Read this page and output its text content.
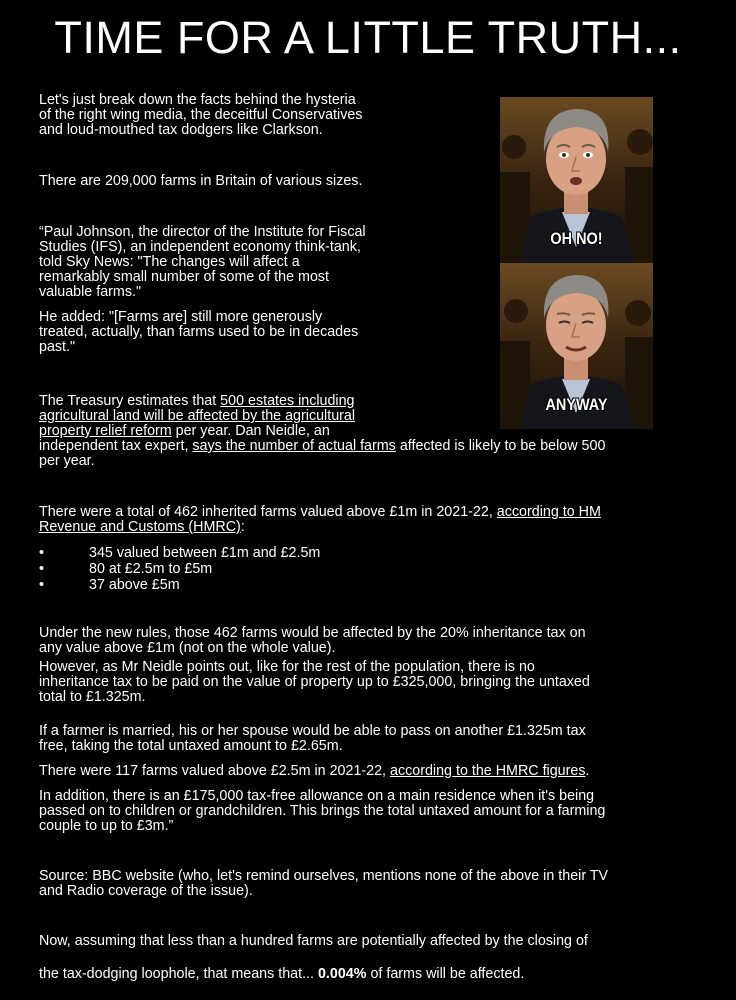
TIME FOR A LITTLE TRUTH...

Let's just break down the facts behind the hysteria
of the right wing media, the deceitful Conservatives
and loud-mouthed tax dodgers like Clarkson.

There are 209,000 farms in Britain of various sizes.

“Paul Johnson, the director of the Institute for Fiscal
Studies (IFS), an independent economy think-tank,
told Sky News: "The changes will affect a
remarkably small number of some of the most
valuable farms."

He added: "[Farms are] still more generously
treated, actually, than farms used to be in decades
past."

The Treasury estimates that 500 estates including
agricultural land will be affected by the agricultural
property relief reform per year. Dan Neidle, an
independent tax expert, says the number of actual farms affected is likely to be below 500
per year.

There were a total of 462 inherited farms valued above £1m in 2021-22, according to HM
Revenue and Customs (HMRC):

•	345 valued between £1m and £2.5m
•	80 at £2.5m to £5m
•	37 above £5m

Under the new rules, those 462 farms would be affected by the 20% inheritance tax on
any value above £1m (not on the whole value).

However, as Mr Neidle points out, like for the rest of the population, there is no
inheritance tax to be paid on the value of property up to £325,000, bringing the untaxed
total to £1.325m.

If a farmer is married, his or her spouse would be able to pass on another £1.325m tax
free, taking the total untaxed amount to £2.65m.

There were 117 farms valued above £2.5m in 2021-22, according to the HMRC figures.

In addition, there is an £175,000 tax-free allowance on a main residence when it's being
passed on to children or grandchildren. This brings the total untaxed amount for a farming
couple to up to £3m.”

Source: BBC website (who, let's remind ourselves, mentions none of the above in their TV
and Radio coverage of the issue).

Now, assuming that less than a hundred farms are potentially affected by the closing of

the tax-dodging loophole, that means that... 0.004% of farms will be affected.

OH NO!
ANYWAY
